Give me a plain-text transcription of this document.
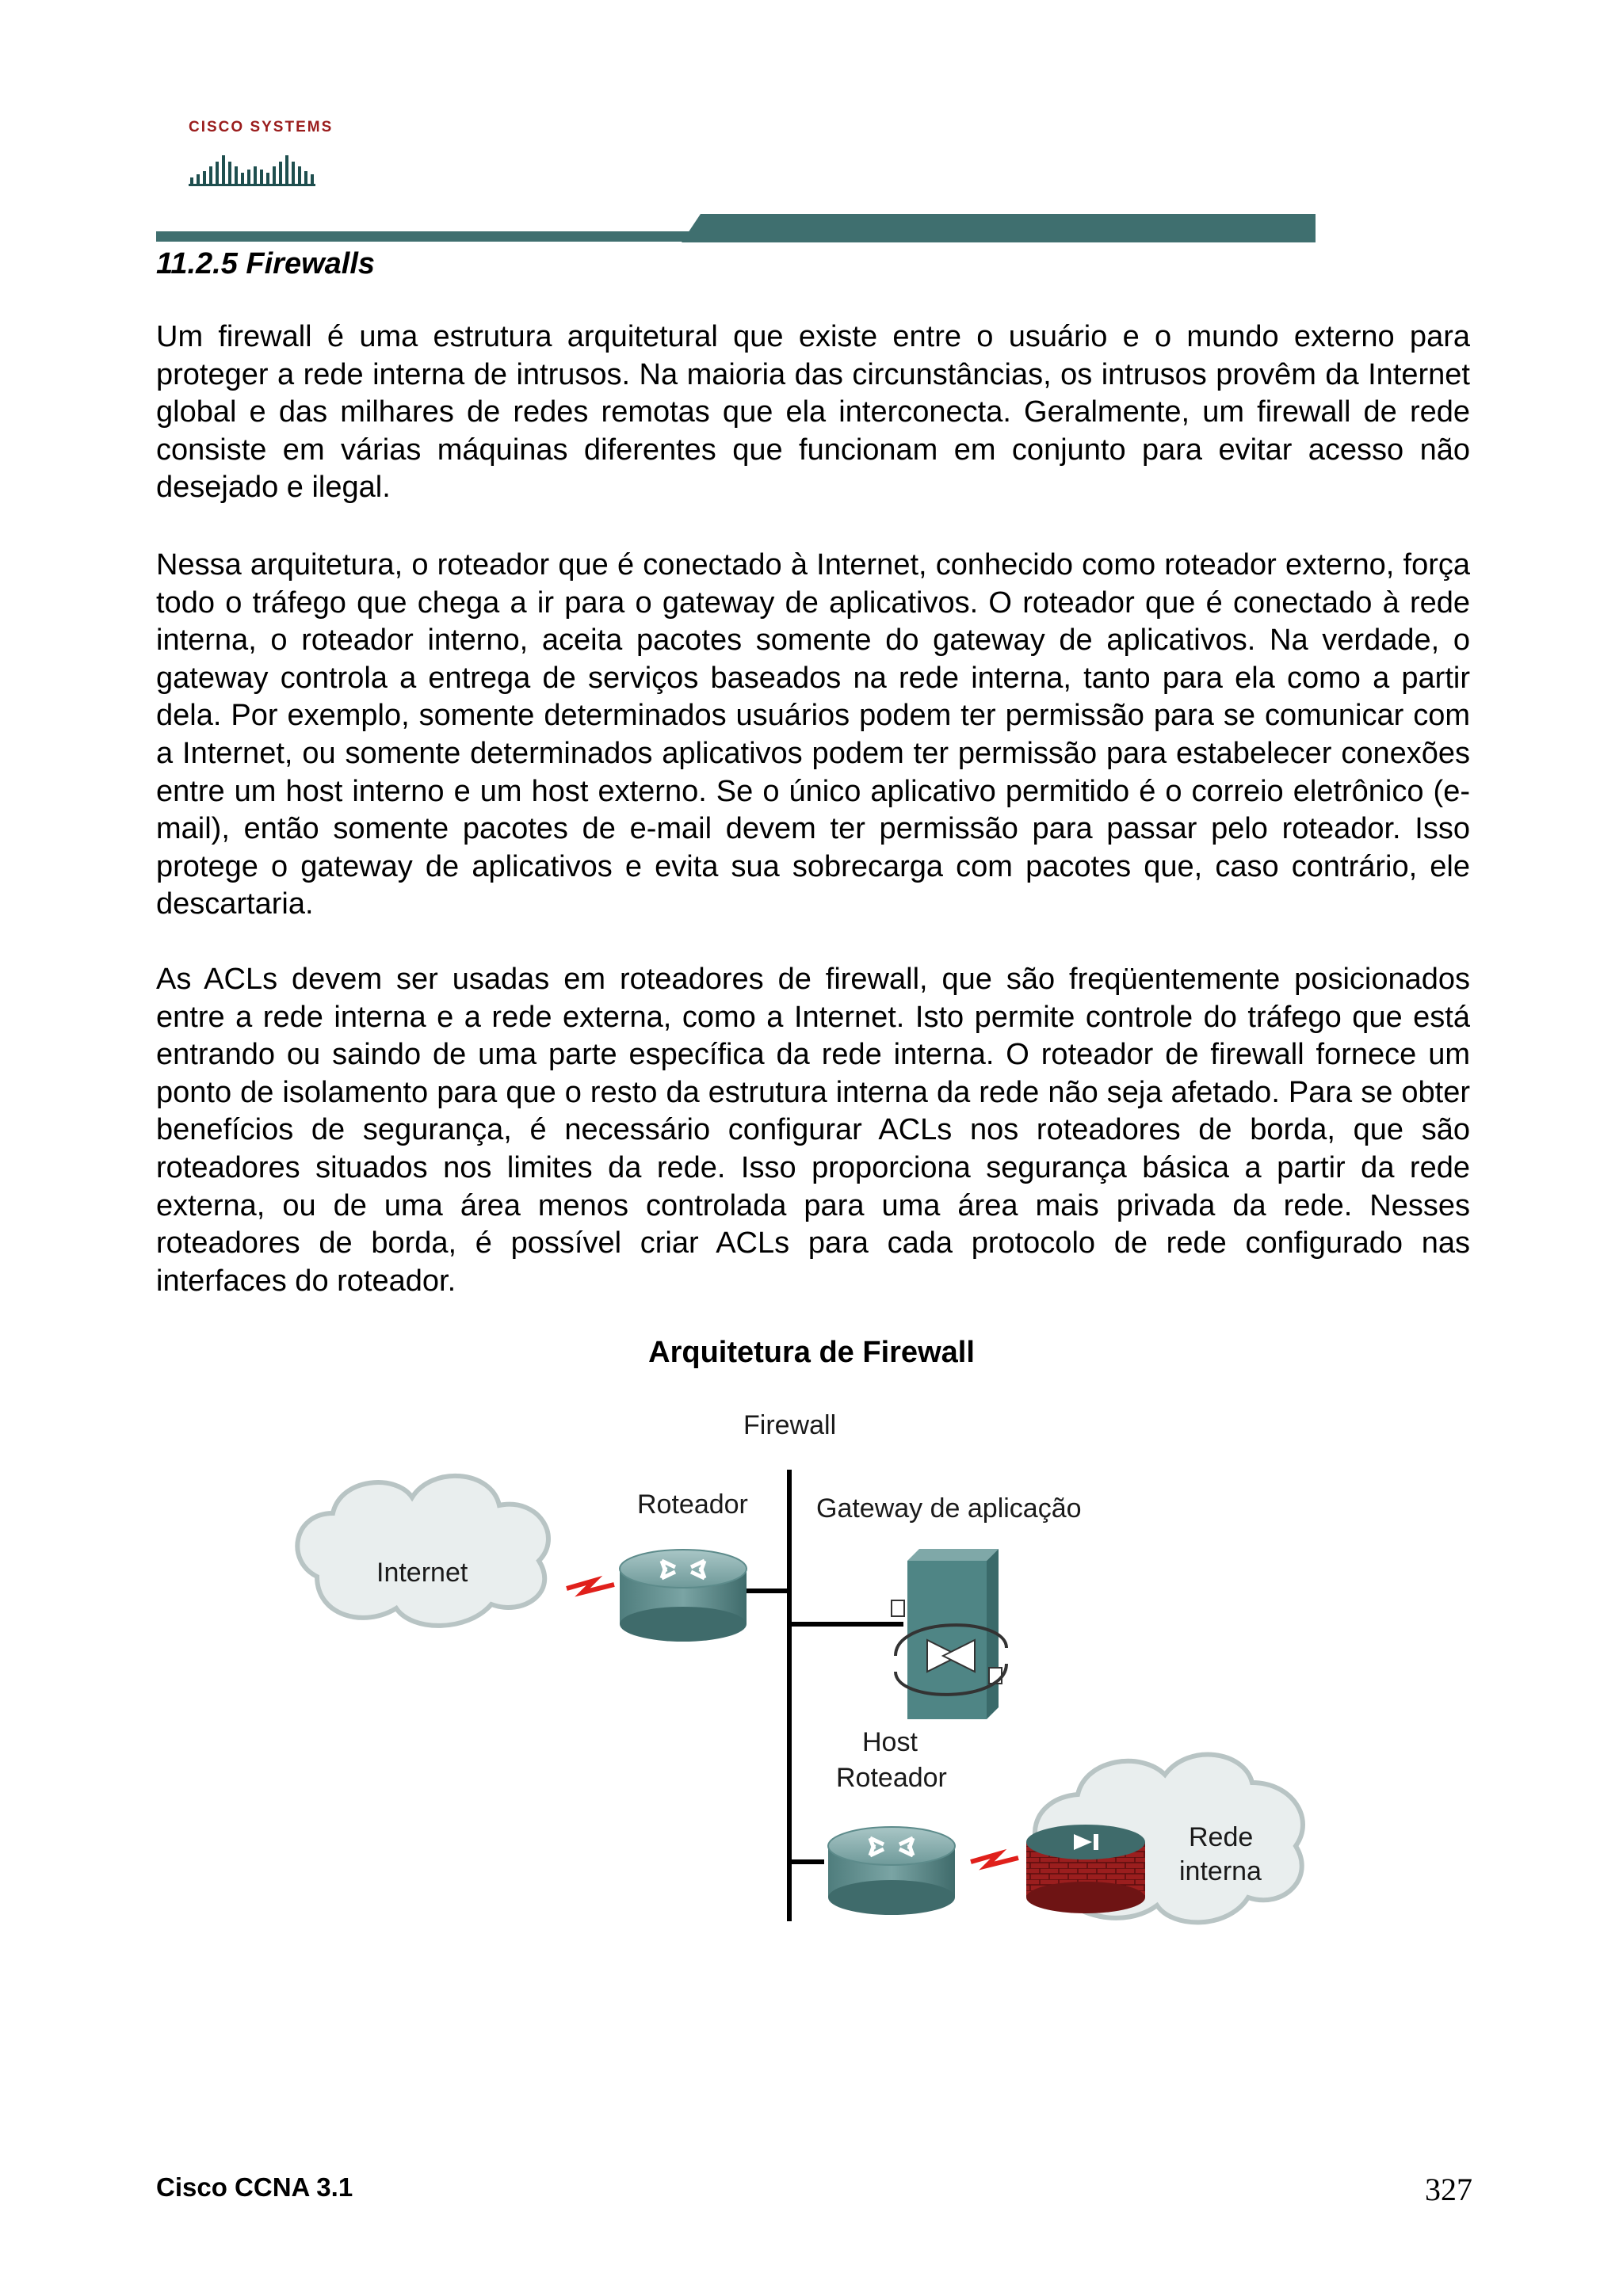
CISCO SYSTEMS
PROGRAMA CISCO NETWORKING ACADEMY
11.2.5 Firewalls

Um firewall é uma estrutura arquitetural que existe entre o usuário e o mundo externo para proteger a rede interna de intrusos. Na maioria das circunstâncias, os intrusos provêm da Internet global e das milhares de redes remotas que ela interconecta. Geralmente, um firewall de rede consiste em várias máquinas diferentes que funcionam em conjunto para evitar acesso não desejado e ilegal.

Nessa arquitetura, o roteador que é conectado à Internet, conhecido como roteador externo, força todo o tráfego que chega a ir para o gateway de aplicativos. O roteador que é conectado à rede interna, o roteador interno, aceita pacotes somente do gateway de aplicativos. Na verdade, o gateway controla a entrega de serviços baseados na rede interna, tanto para ela como a partir dela. Por exemplo, somente determinados usuários podem ter permissão para se comunicar com a Internet, ou somente determinados aplicativos podem ter permissão para estabelecer conexões entre um host interno e um host externo. Se o único aplicativo permitido é o correio eletrônico (e-mail), então somente pacotes de e-mail devem ter permissão para passar pelo roteador. Isso protege o gateway de aplicativos e evita sua sobrecarga com pacotes que, caso contrário, ele descartaria.

As ACLs devem ser usadas em roteadores de firewall, que são freqüentemente posicionados entre a rede interna e a rede externa, como a Internet. Isto permite controle do tráfego que está entrando ou saindo de uma parte específica da rede interna. O roteador de firewall fornece um ponto de isolamento para que o resto da estrutura interna da rede não seja afetado. Para se obter benefícios de segurança, é necessário configurar ACLs nos roteadores de borda, que são roteadores situados nos limites da rede. Isso proporciona segurança básica a partir da rede externa, ou de uma área menos controlada para uma área mais privada da rede. Nesses roteadores de borda, é possível criar ACLs para cada protocolo de rede configurado nas interfaces do roteador.

Arquitetura de Firewall
Firewall
Roteador	Gateway de aplicação
Internet
Host
Roteador
Rede
interna
Cisco CCNA 3.1	327
